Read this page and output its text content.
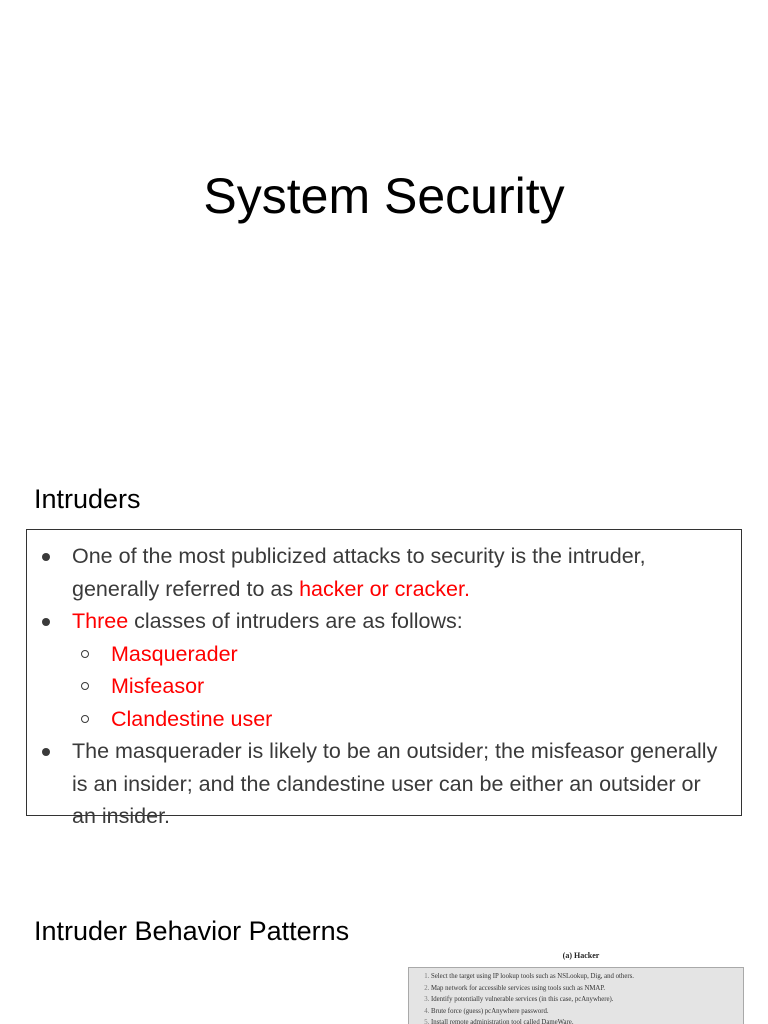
System Security
Intruders
One of the most publicized attacks to security is the intruder, generally referred to as hacker or cracker.
Three classes of intruders are as follows:
Masquerader
Misfeasor
Clandestine user
The masquerader is likely to be an outsider; the misfeasor generally is an insider; and the clandestine user can be either an outsider or an insider.
Intruder Behavior Patterns
(a) Hacker
1. Select the target using IP lookup tools such as NSLookup, Dig, and others.
2. Map network for accessible services using tools such as NMAP.
3. Identify potentially vulnerable services (in this case, pcAnywhere).
4. Brute force (guess) pcAnywhere password.
5. Install remote administration tool called DameWare.
